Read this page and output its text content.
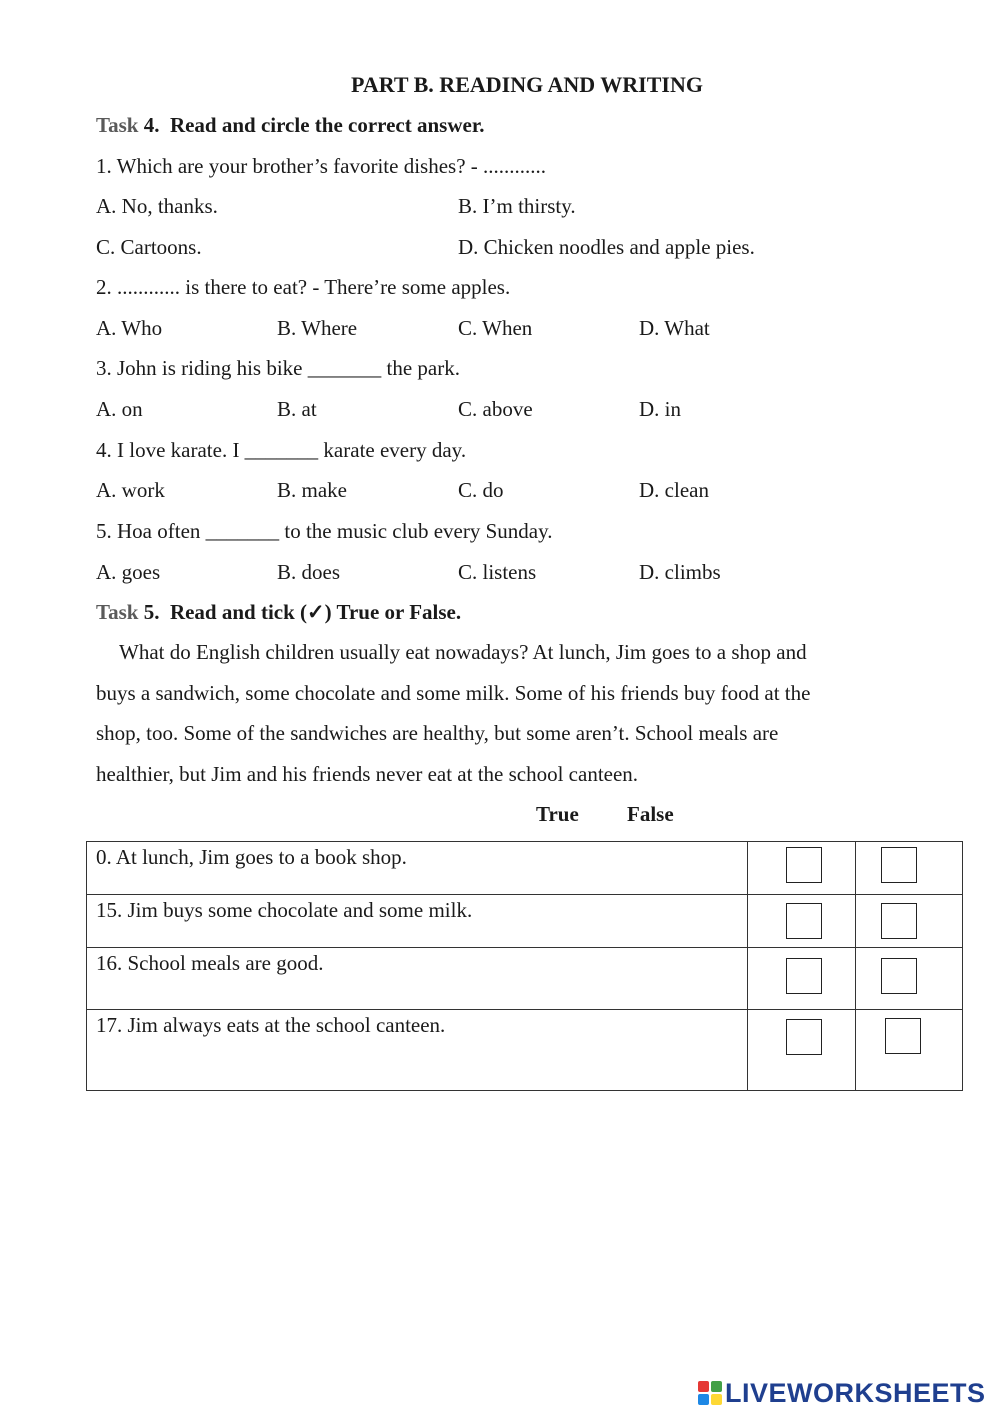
PART B. READING AND WRITING
Task 4. Read and circle the correct answer.
1. Which are your brother’s favorite dishes? - ............
A. No, thanks.	B. I’m thirsty.
C. Cartoons.	D. Chicken noodles and apple pies.
2. ............ is there to eat? - There’re some apples.
A. Who	B. Where	C. When	D. What
3. John is riding his bike _______ the park.
A. on	B. at	C. above	D. in
4. I love karate. I _______ karate every day.
A. work	B. make	C. do	D. clean
5. Hoa often _______ to the music club every Sunday.
A. goes	B. does	C. listens	D. climbs
Task 5. Read and tick (✓) True or False.
What do English children usually eat nowadays? At lunch, Jim goes to a shop and
buys a sandwich, some chocolate and some milk. Some of his friends buy food at the
shop, too. Some of the sandwiches are healthy, but some aren’t. School meals are
healthier, but Jim and his friends never eat at the school canteen.
True False
0. At lunch, Jim goes to a book shop.	

15. Jim buys some chocolate and some milk.	

16. School meals are good.	

17. Jim always eats at the school canteen.	

LIVEWORKSHEETS
